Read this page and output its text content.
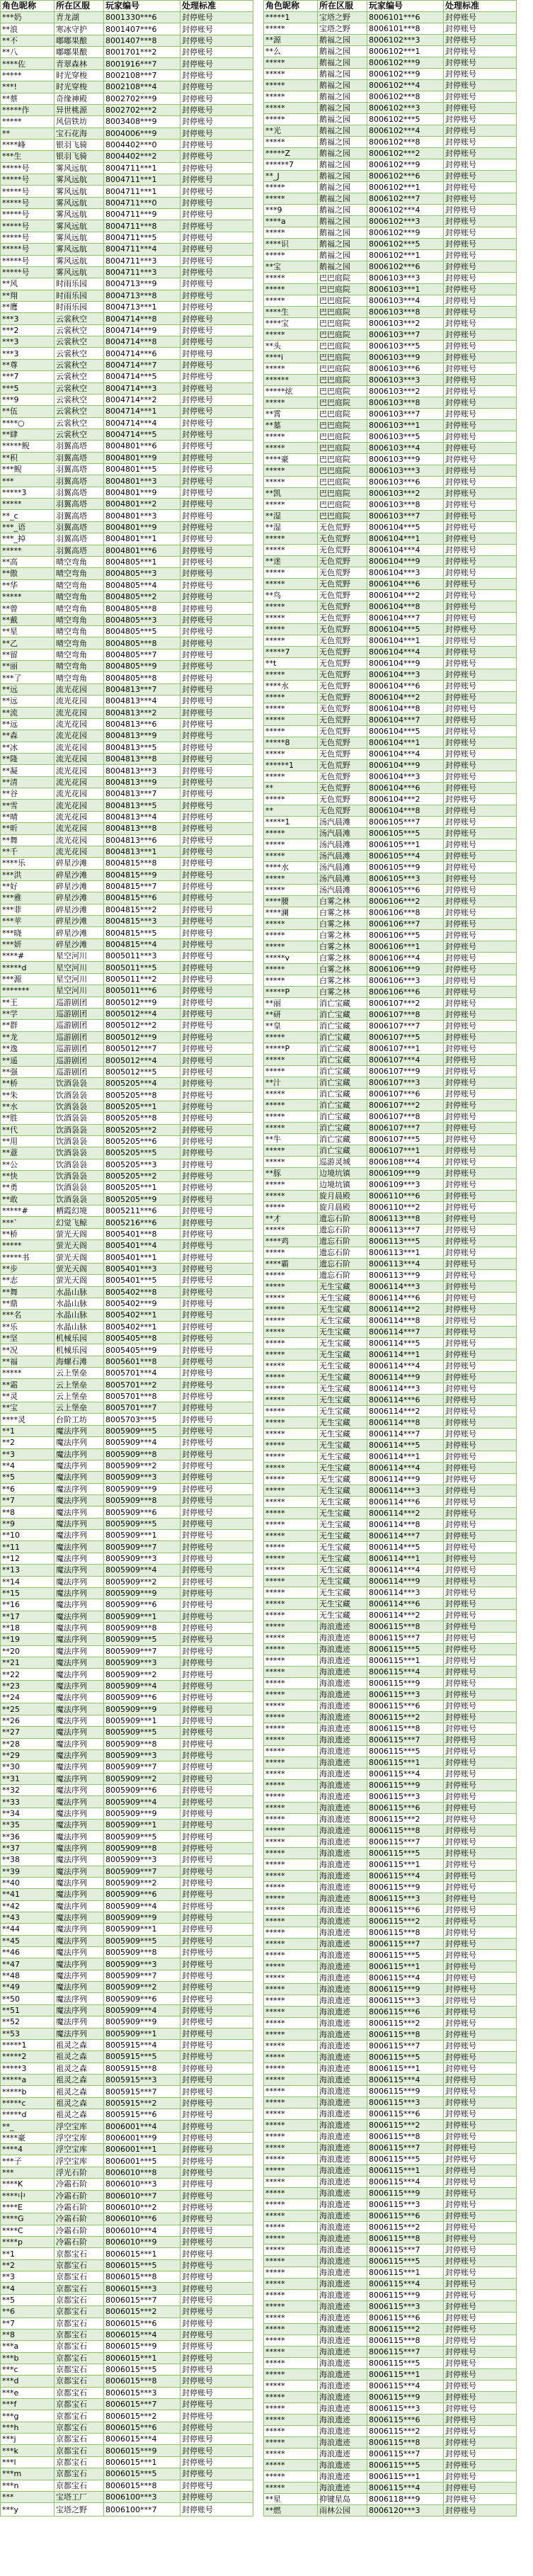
角色昵称	所在区服	玩家编号	处理标准
***奶	青龙湖	8001330***6	封停账号
**浪	寒冰守护	8001407***6	封停账号
**不	嘟嘟果酿	8001407***8	封停账号
**八	嘟嘟果酿	8001701***2	封停账号
****佐	青翠森林	8001916***7	封停账号
*****	时光穿梭	8002108***7	封停账号
***!	时光穿梭	8002108***4	封停账号
**蔡	奇缘神殿	8002702***9	封停账号
*****作	异世桃源	8002702***2	封停账号
*****	风信铁坊	8003408***9	封停账号
**	宝石花海	8004006***9	封停账号
****峰	银羽飞骑	8004402***0	封停账号
***生	银羽飞骑	8004402***2	封停账号
*****号	雾风远航	8004711***1	封停账号
*****号	雾风远航	8004711***1	封停账号
*****号	雾风远航	8004711***1	封停账号
*****号	雾风远航	8004711***0	封停账号
*****号	雾风远航	8004711***9	封停账号
*****号	雾风远航	8004711***8	封停账号
*****号	雾风远航	8004711***5	封停账号
*****号	雾风远航	8004711***4	封停账号
*****号	雾风远航	8004711***3	封停账号
*****号	雾风远航	8004711***3	封停账号
**风	时雨乐园	8004713***9	封停账号
**翔	时雨乐园	8004713***8	封停账号
**鹰	时雨乐园	8004713***1	封停账号
***3	云裳秋空	8004714***8	封停账号
***2	云裳秋空	8004714***9	封停账号
***3	云裳秋空	8004714***8	封停账号
***3	云裳秋空	8004714***6	封停账号
**尊	云裳秋空	8004714***7	封停账号
***7	云裳秋空	8004714***5	封停账号
***5	云裳秋空	8004714***3	封停账号
***9	云裳秋空	8004714***2	封停账号
**伍	云裳秋空	8004714***1	封停账号
****○	云裳秋空	8004714***4	封停账号
**肆	云裳秋空	8004714***5	封停账号
*****鲵	羽翼高塔	8004801***6	封停账号
**积	羽翼高塔	8004801***9	封停账号
***鲵	羽翼高塔	8004801***5	封停账号
***	羽翼高塔	8004801***3	封停账号
*****3	羽翼高塔	8004801***9	封停账号
*****	羽翼高塔	8004801***2	封停账号
**_c	羽翼高塔	8004801***3	封停账号
***_语	羽翼高塔	8004801***9	封停账号
***_掉	羽翼高塔	8004801***1	封停账号
*****	羽翼高塔	8004801***6	封停账号
**高	晴空弯角	8004805***1	封停账号
**傲	晴空弯角	8004805***3	封停账号
**华	晴空弯角	8004805***4	封停账号
*****	晴空弯角	8004805***2	封停账号
**曾	晴空弯角	8004805***8	封停账号
**戴	晴空弯角	8004805***3	封停账号
**星	晴空弯角	8004805***5	封停账号
**乙	晴空弯角	8004805***8	封停账号
**留	晴空弯角	8004805***7	封停账号
**丽	晴空弯角	8004805***9	封停账号
***了	晴空弯角	8004805***8	封停账号
**远	流光花园	8004813***7	封停账号
**远	流光花园	8004813***4	封停账号
**流	流光花园	8004813***2	封停账号
**远	流光花园	8004813***6	封停账号
**森	流光花园	8004813***9	封停账号
**冰	流光花园	8004813***5	封停账号
**隆	流光花园	8004813***8	封停账号
**凝	流光花园	8004813***3	封停账号
**清	流光花园	8004813***9	封停账号
**谷	流光花园	8004813***7	封停账号
**雪	流光花园	8004813***5	封停账号
**晴	流光花园	8004813***4	封停账号
**昕	流光花园	8004813***8	封停账号
**舞	流光花园	8004813***6	封停账号
**千	流光花园	8004813***1	封停账号
****乐	碎星沙滩	8004815***8	封停账号
***洪	碎星沙滩	8004815***9	封停账号
**好	碎星沙滩	8004815***7	封停账号
***雅	碎星沙滩	8004815***6	封停账号
***菲	碎星沙滩	8004815***2	封停账号
***苹	碎星沙滩	8004815***3	封停账号
***晓	碎星沙滩	8004815***5	封停账号
***妍	碎星沙滩	8004815***4	封停账号
****#	星空河川	8005011***3	封停账号
*****d	星空河川	8005011***5	封停账号
***源	星空河川	8005011***2	封停账号
*******	星空河川	8005011***6	封停账号
**王	巡游剧团	8005012***9	封停账号
**学	巡游剧团	8005012***4	封停账号
**群	巡游剧团	8005012***2	封停账号
**龙	巡游剧团	8005012***9	封停账号
**逸	巡游剧团	8005012***7	封停账号
**遥	巡游剧团	8005012***4	封停账号
**强	巡游剧团	8005012***5	封停账号
**桥	饮酒袅袅	8005205***4	封停账号
**朱	饮酒袅袅	8005205***8	封停账号
**水	饮酒袅袅	8005205***1	封停账号
**胜	饮酒袅袅	8005205***8	封停账号
**代	饮酒袅袅	8005205***2	封停账号
**用	饮酒袅袅	8005205***6	封停账号
**薏	饮酒袅袅	8005205***5	封停账号
**公	饮酒袅袅	8005205***3	封停账号
**快	饮酒袅袅	8005205***2	封停账号
**勇	饮酒袅袅	8005205***1	封停账号
**敢	饮酒袅袅	8005205***9	封停账号
*****#	栖霞幻境	8005211***6	封停账号
***`	幻觉飞鲸	8005216***6	封停账号
**桥	萤光天阁	8005401***8	封停账号
*****	萤光天阁	8005401***4	封停账号
*****书	萤光天阁	8005401***1	封停账号
**步	萤光天阁	8005401***3	封停账号
**志	萤光天阁	8005401***5	封停账号
**舞	水晶山脉	8005402***8	封停账号
**鼎	水晶山脉	8005402***9	封停账号
***名	水晶山脉	8005402***1	封停账号
**乐	水晶山脉	8005402***1	封停账号
**坚	机械乐园	8005405***8	封停账号
**况	机械乐园	8005405***9	封停账号
**福	海螺石滩	8005601***8	封停账号
*****	云上堡垒	8005701***4	封停账号
**霜	云上堡垒	8005701***2	封停账号
**灵	云上堡垒	8005701***8	封停账号
**宝	云上堡垒	8005701***7	封停账号
****灵	台阶工坊	8005703***5	封停账号
**1	魔法序列	8005909***5	封停账号
**2	魔法序列	8005909***4	封停账号
**3	魔法序列	8005909***8	封停账号
**4	魔法序列	8005909***2	封停账号
**5	魔法序列	8005909***3	封停账号
**6	魔法序列	8005909***9	封停账号
**7	魔法序列	8005909***8	封停账号
**8	魔法序列	8005909***6	封停账号
**9	魔法序列	8005909***5	封停账号
**10	魔法序列	8005909***1	封停账号
**11	魔法序列	8005909***7	封停账号
**12	魔法序列	8005909***3	封停账号
**13	魔法序列	8005909***4	封停账号
**14	魔法序列	8005909***2	封停账号
**15	魔法序列	8005909***9	封停账号
**16	魔法序列	8005909***6	封停账号
**17	魔法序列	8005909***1	封停账号
**18	魔法序列	8005909***8	封停账号
**19	魔法序列	8005909***5	封停账号
**20	魔法序列	8005909***7	封停账号
**21	魔法序列	8005909***3	封停账号
**22	魔法序列	8005909***2	封停账号
**23	魔法序列	8005909***4	封停账号
**24	魔法序列	8005909***6	封停账号
**25	魔法序列	8005909***9	封停账号
**26	魔法序列	8005909***1	封停账号
**27	魔法序列	8005909***5	封停账号
**28	魔法序列	8005909***8	封停账号
**29	魔法序列	8005909***3	封停账号
**30	魔法序列	8005909***7	封停账号
**31	魔法序列	8005909***2	封停账号
**32	魔法序列	8005909***6	封停账号
**33	魔法序列	8005909***4	封停账号
**34	魔法序列	8005909***9	封停账号
**35	魔法序列	8005909***1	封停账号
**36	魔法序列	8005909***5	封停账号
**37	魔法序列	8005909***8	封停账号
**38	魔法序列	8005909***3	封停账号
**39	魔法序列	8005909***7	封停账号
**40	魔法序列	8005909***2	封停账号
**41	魔法序列	8005909***6	封停账号
**42	魔法序列	8005909***4	封停账号
**43	魔法序列	8005909***9	封停账号
**44	魔法序列	8005909***1	封停账号
**45	魔法序列	8005909***5	封停账号
**46	魔法序列	8005909***8	封停账号
**47	魔法序列	8005909***3	封停账号
**48	魔法序列	8005909***7	封停账号
**49	魔法序列	8005909***2	封停账号
**50	魔法序列	8005909***6	封停账号
**51	魔法序列	8005909***4	封停账号
**52	魔法序列	8005909***9	封停账号
**53	魔法序列	8005909***1	封停账号
*****1	祖灵之森	8005915***4	封停账号
*****2	祖灵之森	8005915***5	封停账号
*****3	祖灵之森	8005915***8	封停账号
*****a	祖灵之森	8005915***3	封停账号
*****b	祖灵之森	8005915***7	封停账号
*****c	祖灵之森	8005915***2	封停账号
*****d	祖灵之森	8005915***6	封停账号
**_	浮空宝库	8006001***4	封停账号
****豪	浮空宝库	8006001***9	封停账号
****4	浮空宝库	8006001***1	封停账号
***子	浮空宝库	8006001***5	封停账号
***	浮光石阶	8006010***8	封停账号
****K	冷霜石阶	8006010***3	封停账号
****中	冷霜石阶	8006010***7	封停账号
****E	冷霜石阶	8006010***2	封停账号
****G	冷霜石阶	8006010***6	封停账号
****C	冷霜石阶	8006010***4	封停账号
****p	冷霜石阶	8006010***9	封停账号
**1	京都宝石	8006015***1	封停账号
**2	京都宝石	8006015***5	封停账号
**3	京都宝石	8006015***8	封停账号
**4	京都宝石	8006015***3	封停账号
**5	京都宝石	8006015***7	封停账号
**6	京都宝石	8006015***2	封停账号
**7	京都宝石	8006015***6	封停账号
**8	京都宝石	8006015***4	封停账号
***a	京都宝石	8006015***9	封停账号
***b	京都宝石	8006015***1	封停账号
***c	京都宝石	8006015***5	封停账号
***d	京都宝石	8006015***8	封停账号
***e	京都宝石	8006015***3	封停账号
***f	京都宝石	8006015***7	封停账号
***g	京都宝石	8006015***2	封停账号
***h	京都宝石	8006015***6	封停账号
***j	京都宝石	8006015***4	封停账号
***k	京都宝石	8006015***9	封停账号
***l	京都宝石	8006015***1	封停账号
***m	京都宝石	8006015***5	封停账号
***n	京都宝石	8006015***8	封停账号
***	宝塔工厂	8006100***3	封停账号
***y	宝塔之野	8006100***7	封停账号
角色昵称	所在区服	玩家编号	处理标准
*****1	宝塔之野	8006101***6	封停账号
*****	宝塔之野	8006101***8	封停账号
**源	鹅福之园	8006102***3	封停账号
**么	鹅福之园	8006102***1	封停账号
*****	鹅福之园	8006102***9	封停账号
*****	鹅福之园	8006102***9	封停账号
*****	鹅福之园	8006102***4	封停账号
*****	鹅福之园	8006102***8	封停账号
*****	鹅福之园	8006102***3	封停账号
*****	鹅福之园	8006102***5	封停账号
**光	鹅福之园	8006102***4	封停账号
*****	鹅福之园	8006102***8	封停账号
*****Z	鹅福之园	8006102***2	封停账号
******7	鹅福之园	8006102***9	封停账号
**_J	鹅福之园	8006102***6	封停账号
*****	鹅福之园	8006102***1	封停账号
*****	鹅福之园	8006102***7	封停账号
***9	鹅福之园	8006102***4	封停账号
****a	鹅福之园	8006102***3	封停账号
*****	鹅福之园	8006102***9	封停账号
****识	鹅福之园	8006102***5	封停账号
*****	鹅福之园	8006102***1	封停账号
**宝	鹅福之园	8006102***6	封停账号
*****	巴巴庭院	8006103***3	封停账号
*****	巴巴庭院	8006103***1	封停账号
*****	巴巴庭院	8006103***4	封停账号
****生	巴巴庭院	8006103***8	封停账号
****宝	巴巴庭院	8006103***2	封停账号
*****	巴巴庭院	8006103***7	封停账号
**头	巴巴庭院	8006103***5	封停账号
****i	巴巴庭院	8006103***9	封停账号
*****	巴巴庭院	8006103***6	封停账号
******	巴巴庭院	8006103***3	封停账号
*****炫	巴巴庭院	8006103***2	封停账号
*****	巴巴庭院	8006103***8	封停账号
**霄	巴巴庭院	8006103***7	封停账号
**墓	巴巴庭院	8006103***1	封停账号
*****	巴巴庭院	8006103***5	封停账号
*****	巴巴庭院	8006103***4	封停账号
****豪	巴巴庭院	8006103***9	封停账号
*****	巴巴庭院	8006103***3	封停账号
*****	巴巴庭院	8006103***6	封停账号
**凯	巴巴庭院	8006103***2	封停账号
*****	巴巴庭院	8006103***8	封停账号
**湿	巴巴庭院	8006103***7	封停账号
**湿	无色荒野	8006104***5	封停账号
*****	无色荒野	8006104***1	封停账号
*****	无色荒野	8006104***4	封停账号
**迷	无色荒野	8006104***9	封停账号
*****	无色荒野	8006104***3	封停账号
*****	无色荒野	8006104***6	封停账号
**鸟	无色荒野	8006104***2	封停账号
*****	无色荒野	8006104***8	封停账号
*****	无色荒野	8006104***7	封停账号
*****	无色荒野	8006104***5	封停账号
*****	无色荒野	8006104***1	封停账号
*****7	无色荒野	8006104***4	封停账号
**t	无色荒野	8006104***9	封停账号
*****	无色荒野	8006104***3	封停账号
****水	无色荒野	8006104***6	封停账号
*****	无色荒野	8006104***2	封停账号
*****	无色荒野	8006104***8	封停账号
*****	无色荒野	8006104***7	封停账号
*****	无色荒野	8006104***5	封停账号
*****8	无色荒野	8006104***1	封停账号
*****	无色荒野	8006104***4	封停账号
******1	无色荒野	8006104***9	封停账号
*****	无色荒野	8006104***3	封停账号
**	无色荒野	8006104***6	封停账号
*****	无色荒野	8006104***2	封停账号
**	无色荒野	8006104***8	封停账号
*****1	汤汽晨滩	8006105***7	封停账号
*****	汤汽晨滩	8006105***5	封停账号
*****	汤汽晨滩	8006105***1	封停账号
*****	汤汽晨滩	8006105***4	封停账号
****水	汤汽晨滩	8006105***9	封停账号
*****	汤汽晨滩	8006105***3	封停账号
*****	汤汽晨滩	8006105***6	封停账号
****腰	白雾之林	8006106***2	封停账号
****澜	白雾之林	8006106***8	封停账号
*****	白雾之林	8006106***7	封停账号
*****	白雾之林	8006106***5	封停账号
*****	白雾之林	8006106***1	封停账号
*****v	白雾之林	8006106***4	封停账号
*****	白雾之林	8006106***9	封停账号
*****	白雾之林	8006106***3	封停账号
*****P	白雾之林	8006106***6	封停账号
**丽	消亡宝藏	8006107***2	封停账号
**研	消亡宝藏	8006107***8	封停账号
**皇	消亡宝藏	8006107***7	封停账号
*****	消亡宝藏	8006107***5	封停账号
*****P	消亡宝藏	8006107***1	封停账号
*****	消亡宝藏	8006107***4	封停账号
*****	消亡宝藏	8006107***9	封停账号
**汁	消亡宝藏	8006107***3	封停账号
*****	消亡宝藏	8006107***6	封停账号
*****	消亡宝藏	8006107***2	封停账号
*****	消亡宝藏	8006107***8	封停账号
*****	消亡宝藏	8006107***7	封停账号
**牛	消亡宝藏	8006107***5	封停账号
*****	消亡宝藏	8006107***1	封停账号
*****	巡游灵城	8006108***4	封停账号
**豚	边境坑镇	8006109***9	封停账号
*****	边境坑镇	8006109***3	封停账号
*****	旋月晨殿	8006110***6	封停账号
*****	旋月晨殿	8006110***2	封停账号
**才	遗忘石阶	8006113***8	封停账号
*****	遗忘石阶	8006113***7	封停账号
****鸡	遗忘石阶	8006113***5	封停账号
*****	遗忘石阶	8006113***1	封停账号
****霸	遗忘石阶	8006113***4	封停账号
*****	遗忘石阶	8006113***9	封停账号
*****	无生宝藏	8006114***3	封停账号
*****	无生宝藏	8006114***6	封停账号
*****	无生宝藏	8006114***2	封停账号
*****	无生宝藏	8006114***8	封停账号
*****	无生宝藏	8006114***7	封停账号
*****	无生宝藏	8006114***5	封停账号
*****	无生宝藏	8006114***1	封停账号
*****	无生宝藏	8006114***4	封停账号
*****	无生宝藏	8006114***9	封停账号
*****	无生宝藏	8006114***3	封停账号
*****	无生宝藏	8006114***6	封停账号
*****	无生宝藏	8006114***2	封停账号
*****	无生宝藏	8006114***8	封停账号
*****	无生宝藏	8006114***7	封停账号
*****	无生宝藏	8006114***5	封停账号
*****	无生宝藏	8006114***1	封停账号
*****	无生宝藏	8006114***4	封停账号
*****	无生宝藏	8006114***9	封停账号
*****	无生宝藏	8006114***3	封停账号
*****	无生宝藏	8006114***6	封停账号
*****	无生宝藏	8006114***2	封停账号
*****	无生宝藏	8006114***8	封停账号
*****	无生宝藏	8006114***7	封停账号
*****	无生宝藏	8006114***5	封停账号
*****	无生宝藏	8006114***1	封停账号
*****	无生宝藏	8006114***4	封停账号
*****	无生宝藏	8006114***9	封停账号
*****	无生宝藏	8006114***3	封停账号
*****	无生宝藏	8006114***6	封停账号
*****	无生宝藏	8006114***2	封停账号
*****	海浪遗迹	8006115***8	封停账号
*****	海浪遗迹	8006115***7	封停账号
*****	海浪遗迹	8006115***5	封停账号
*****	海浪遗迹	8006115***1	封停账号
*****	海浪遗迹	8006115***4	封停账号
*****	海浪遗迹	8006115***9	封停账号
*****	海浪遗迹	8006115***3	封停账号
*****	海浪遗迹	8006115***6	封停账号
*****	海浪遗迹	8006115***2	封停账号
*****	海浪遗迹	8006115***8	封停账号
*****	海浪遗迹	8006115***7	封停账号
*****	海浪遗迹	8006115***5	封停账号
*****	海浪遗迹	8006115***1	封停账号
*****	海浪遗迹	8006115***4	封停账号
*****	海浪遗迹	8006115***9	封停账号
*****	海浪遗迹	8006115***3	封停账号
*****	海浪遗迹	8006115***6	封停账号
*****	海浪遗迹	8006115***2	封停账号
*****	海浪遗迹	8006115***8	封停账号
*****	海浪遗迹	8006115***7	封停账号
*****	海浪遗迹	8006115***5	封停账号
*****	海浪遗迹	8006115***1	封停账号
*****	海浪遗迹	8006115***4	封停账号
*****	海浪遗迹	8006115***9	封停账号
*****	海浪遗迹	8006115***3	封停账号
*****	海浪遗迹	8006115***6	封停账号
*****	海浪遗迹	8006115***2	封停账号
*****	海浪遗迹	8006115***8	封停账号
*****	海浪遗迹	8006115***7	封停账号
*****	海浪遗迹	8006115***5	封停账号
*****	海浪遗迹	8006115***1	封停账号
*****	海浪遗迹	8006115***4	封停账号
*****	海浪遗迹	8006115***9	封停账号
*****	海浪遗迹	8006115***3	封停账号
*****	海浪遗迹	8006115***6	封停账号
*****	海浪遗迹	8006115***2	封停账号
*****	海浪遗迹	8006115***8	封停账号
*****	海浪遗迹	8006115***7	封停账号
*****	海浪遗迹	8006115***5	封停账号
*****	海浪遗迹	8006115***1	封停账号
*****	海浪遗迹	8006115***4	封停账号
*****	海浪遗迹	8006115***9	封停账号
*****	海浪遗迹	8006115***3	封停账号
*****	海浪遗迹	8006115***6	封停账号
*****	海浪遗迹	8006115***2	封停账号
*****	海浪遗迹	8006115***8	封停账号
*****	海浪遗迹	8006115***7	封停账号
*****	海浪遗迹	8006115***5	封停账号
*****	海浪遗迹	8006115***1	封停账号
*****	海浪遗迹	8006115***4	封停账号
*****	海浪遗迹	8006115***9	封停账号
*****	海浪遗迹	8006115***3	封停账号
*****	海浪遗迹	8006115***6	封停账号
*****	海浪遗迹	8006115***2	封停账号
*****	海浪遗迹	8006115***8	封停账号
*****	海浪遗迹	8006115***7	封停账号
*****	海浪遗迹	8006115***5	封停账号
*****	海浪遗迹	8006115***1	封停账号
*****	海浪遗迹	8006115***4	封停账号
*****	海浪遗迹	8006115***9	封停账号
*****	海浪遗迹	8006115***3	封停账号
*****	海浪遗迹	8006115***6	封停账号
*****	海浪遗迹	8006115***2	封停账号
*****	海浪遗迹	8006115***8	封停账号
*****	海浪遗迹	8006115***7	封停账号
*****	海浪遗迹	8006115***5	封停账号
*****	海浪遗迹	8006115***1	封停账号
*****	海浪遗迹	8006115***4	封停账号
*****	海浪遗迹	8006115***9	封停账号
*****	海浪遗迹	8006115***3	封停账号
*****	海浪遗迹	8006115***6	封停账号
*****	海浪遗迹	8006115***2	封停账号
*****	海浪遗迹	8006115***8	封停账号
*****	海浪遗迹	8006115***7	封停账号
*****	海浪遗迹	8006115***5	封停账号
*****	海浪遗迹	8006115***1	封停账号
*****	海浪遗迹	8006115***4	封停账号
**星	抑键星岛	8006118***9	封停账号
**燃	雨林公园	8006120***3	封停账号
